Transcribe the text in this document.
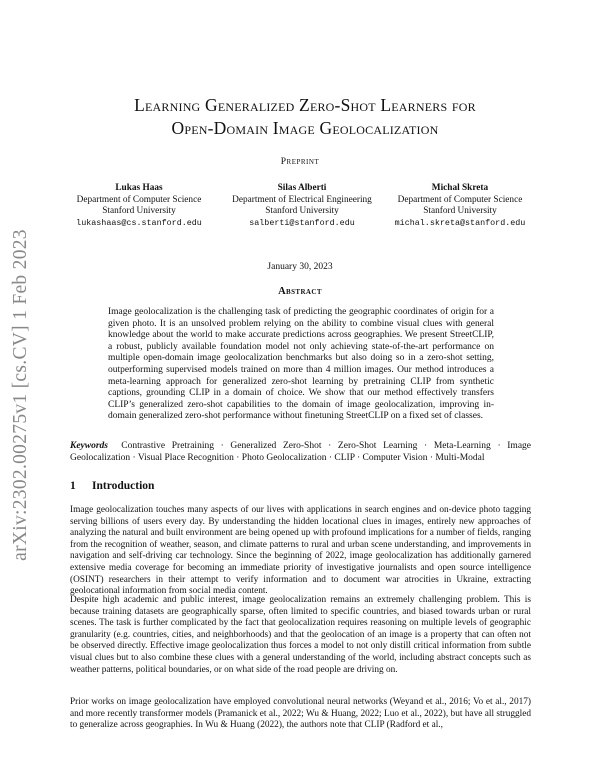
arXiv:2302.00275v1 [cs.CV] 1 Feb 2023
Learning Generalized Zero-Shot Learners for
Open-Domain Image Geolocalization
Preprint
Lukas Haas
Department of Computer Science
Stanford University
lukashaas@cs.stanford.edu
Silas Alberti
Department of Electrical Engineering
Stanford University
salberti@stanford.edu
Michal Skreta
Department of Computer Science
Stanford University
michal.skreta@stanford.edu
January 30, 2023
Abstract
Image geolocalization is the challenging task of predicting the geographic coordinates of origin for a given photo. It is an unsolved problem relying on the ability to combine visual clues with general knowledge about the world to make accurate predictions across geographies. We present StreetCLIP, a robust, publicly available foundation model not only achieving state-of-the-art performance on multiple open-domain image geolocalization benchmarks but also doing so in a zero-shot setting, outperforming supervised models trained on more than 4 million images. Our method introduces a meta-learning approach for generalized zero-shot learning by pretraining CLIP from synthetic captions, grounding CLIP in a domain of choice. We show that our method effectively transfers CLIP’s generalized zero-shot capabilities to the domain of image geolocalization, improving in-domain generalized zero-shot performance without finetuning StreetCLIP on a fixed set of classes.
Keywords Contrastive Pretraining · Generalized Zero-Shot · Zero-Shot Learning · Meta-Learning · Image Geolocalization · Visual Place Recognition · Photo Geolocalization · CLIP · Computer Vision · Multi-Modal
1 Introduction

Image geolocalization touches many aspects of our lives with applications in search engines and on-device photo tagging serving billions of users every day. By understanding the hidden locational clues in images, entirely new approaches of analyzing the natural and built environment are being opened up with profound implications for a number of fields, ranging from the recognition of weather, season, and climate patterns to rural and urban scene understanding, and improvements in navigation and self-driving car technology. Since the beginning of 2022, image geolocalization has additionally garnered extensive media coverage for becoming an immediate priority of investigative journalists and open source intelligence (OSINT) researchers in their attempt to verify information and to document war atrocities in Ukraine, extracting geolocational information from social media content.

Despite high academic and public interest, image geolocalization remains an extremely challenging problem. This is because training datasets are geographically sparse, often limited to specific countries, and biased towards urban or rural scenes. The task is further complicated by the fact that geolocalization requires reasoning on multiple levels of geographic granularity (e.g. countries, cities, and neighborhoods) and that the geolocation of an image is a property that can often not be observed directly. Effective image geolocalization thus forces a model to not only distill critical information from subtle visual clues but to also combine these clues with a general understanding of the world, including abstract concepts such as weather patterns, political boundaries, or on what side of the road people are driving on.

Prior works on image geolocalization have employed convolutional neural networks (Weyand et al., 2016; Vo et al., 2017) and more recently transformer models (Pramanick et al., 2022; Wu & Huang, 2022; Luo et al., 2022), but have all struggled to generalize across geographies. In Wu & Huang (2022), the authors note that CLIP (Radford et al.,
